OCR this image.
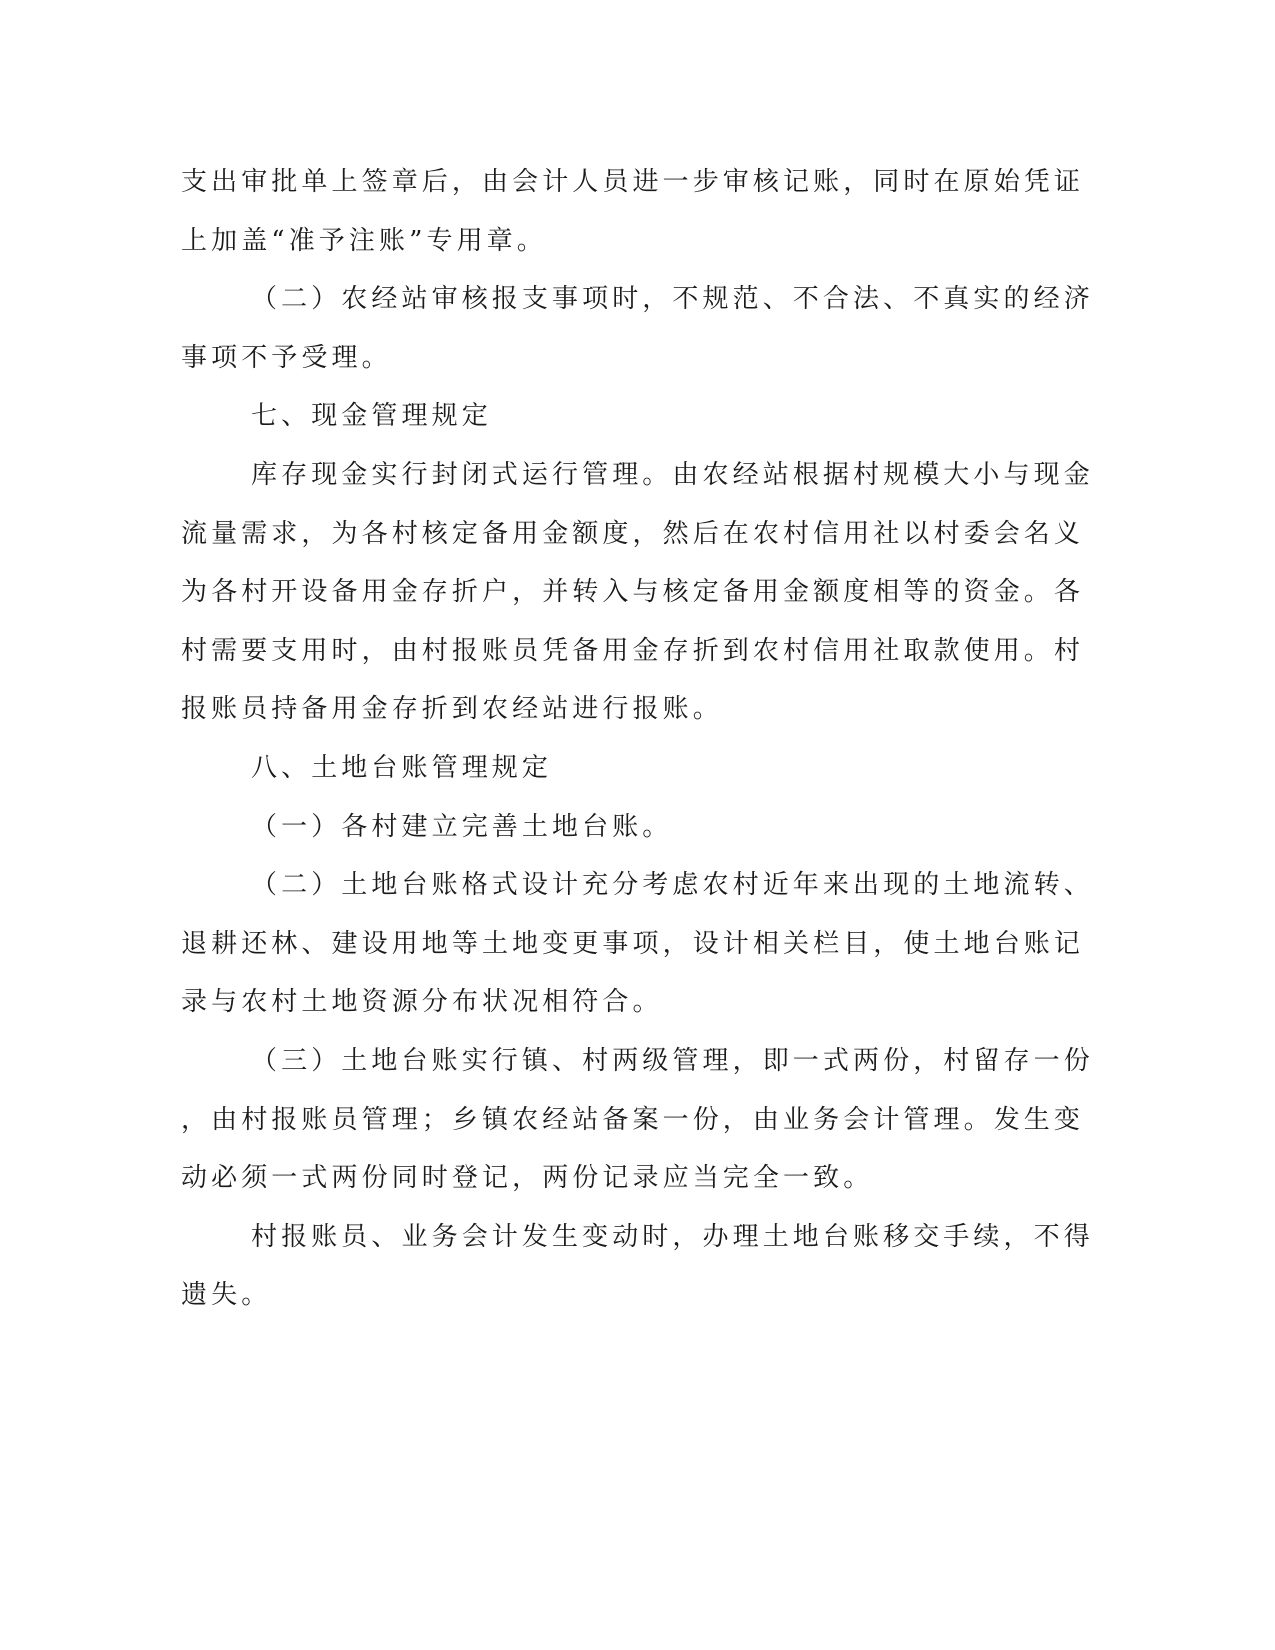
支出审批单上签章后，由会计人员进一步审核记账，同时在原始凭证
上加盖“准予注账”专用章。

（二）农经站审核报支事项时，不规范、不合法、不真实的经济
事项不予受理。

七、现金管理规定

库存现金实行封闭式运行管理。由农经站根据村规模大小与现金
流量需求，为各村核定备用金额度，然后在农村信用社以村委会名义
为各村开设备用金存折户，并转入与核定备用金额度相等的资金。各
村需要支用时，由村报账员凭备用金存折到农村信用社取款使用。村
报账员持备用金存折到农经站进行报账。

八、土地台账管理规定

（一）各村建立完善土地台账。

（二）土地台账格式设计充分考虑农村近年来出现的土地流转、
退耕还林、建设用地等土地变更事项，设计相关栏目，使土地台账记
录与农村土地资源分布状况相符合。

（三）土地台账实行镇、村两级管理，即一式两份，村留存一份
，由村报账员管理；乡镇农经站备案一份，由业务会计管理。发生变
动必须一式两份同时登记，两份记录应当完全一致。

村报账员、业务会计发生变动时，办理土地台账移交手续，不得
遗失。
